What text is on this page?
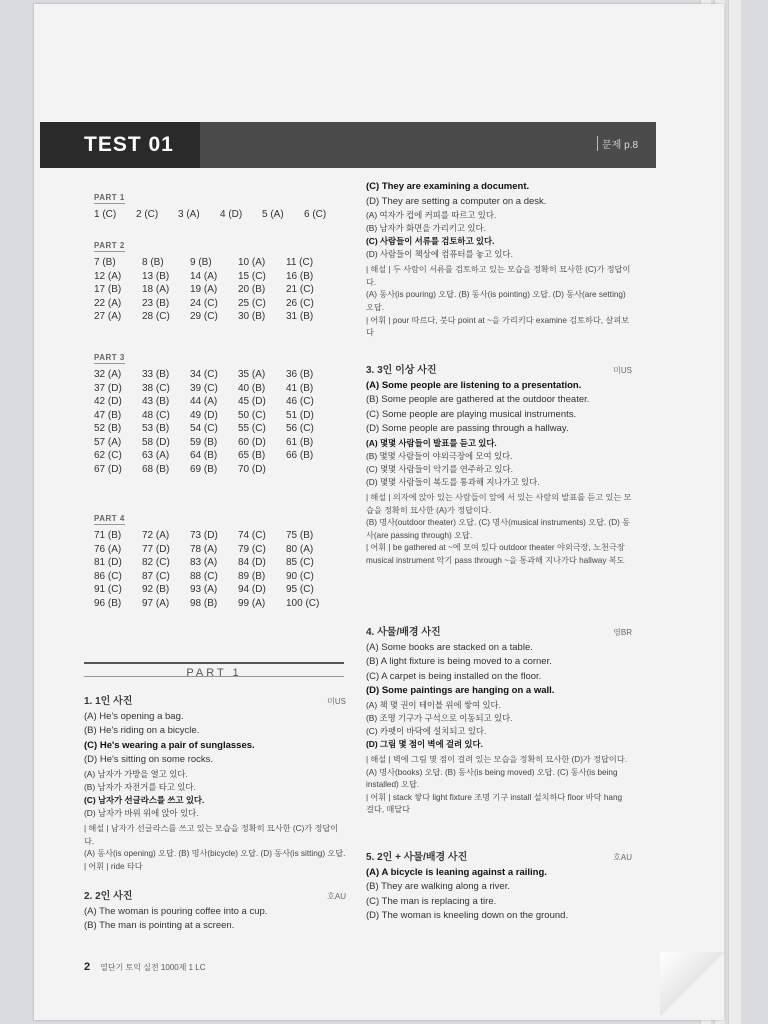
TEST 01	문제 p.8
PART 1
1 (C)	2 (C)	3 (A)	4 (D)	5 (A)	6 (C)
PART 2
7 (B)	8 (B)	9 (B)	10 (A)	11 (C)
12 (A)	13 (B)	14 (A)	15 (C)	16 (B)
17 (B)	18 (A)	19 (A)	20 (B)	21 (C)
22 (A)	23 (B)	24 (C)	25 (C)	26 (C)
27 (A)	28 (C)	29 (C)	30 (B)	31 (B)
PART 3
32 (A)	33 (B)	34 (C)	35 (A)	36 (B)
37 (D)	38 (C)	39 (C)	40 (B)	41 (B)
42 (D)	43 (B)	44 (A)	45 (D)	46 (C)
47 (B)	48 (C)	49 (D)	50 (C)	51 (D)
52 (B)	53 (B)	54 (C)	55 (C)	56 (C)
57 (A)	58 (D)	59 (B)	60 (D)	61 (B)
62 (C)	63 (A)	64 (B)	65 (B)	66 (B)
67 (D)	68 (B)	69 (B)	70 (D)
PART 4
71 (B)	72 (A)	73 (D)	74 (C)	75 (B)
76 (A)	77 (D)	78 (A)	79 (C)	80 (A)
81 (D)	82 (C)	83 (A)	84 (D)	85 (C)
86 (C)	87 (C)	88 (C)	89 (B)	90 (C)
91 (C)	92 (B)	93 (A)	94 (D)	95 (C)
96 (B)	97 (A)	98 (B)	99 (A)	100 (C)
PART 1
1. 1인 사진	미US
(A) He's opening a bag.
(B) He's riding on a bicycle.
(C) He's wearing a pair of sunglasses.
(D) He's sitting on some rocks.
(A) 남자가 가방을 열고 있다.
(B) 남자가 자전거를 타고 있다.
(C) 남자가 선글라스를 쓰고 있다.
(D) 남자가 바위 위에 앉아 있다.
| 해설 | 남자가 선글라스를 쓰고 있는 모습을 정확히 묘사한 (C)가 정답이다.
(A) 동사(is opening) 오답. (B) 명사(bicycle) 오답. (D) 동사(is sitting) 오답.
| 어휘 | ride 타다
2. 2인 사진	호AU
(A) The woman is pouring coffee into a cup.
(B) The man is pointing at a screen.
(C) They are examining a document.
(D) They are setting a computer on a desk.
(A) 여자가 컵에 커피를 따르고 있다.
(B) 남자가 화면을 가리키고 있다.
(C) 사람들이 서류를 검토하고 있다.
(D) 사람들이 책상에 컴퓨터를 놓고 있다.
| 해설 | 두 사람이 서류를 검토하고 있는 모습을 정확히 묘사한 (C)가 정답이다.
(A) 동사(is pouring) 오답. (B) 동사(is pointing) 오답. (D) 동사(are setting) 오답.
| 어휘 | pour 따르다, 붓다 point at ~을 가리키다 examine 검토하다, 살펴보다
3. 3인 이상 사진	미US
(A) Some people are listening to a presentation.
(B) Some people are gathered at the outdoor theater.
(C) Some people are playing musical instruments.
(D) Some people are passing through a hallway.
(A) 몇몇 사람들이 발표를 듣고 있다.
(B) 몇몇 사람들이 야외극장에 모여 있다.
(C) 몇몇 사람들이 악기를 연주하고 있다.
(D) 몇몇 사람들이 복도를 통과해 지나가고 있다.
| 해설 | 의자에 앉아 있는 사람들이 앞에 서 있는 사람의 발표를 듣고 있는 모습을 정확히 묘사한 (A)가 정답이다.
(B) 명사(outdoor theater) 오답. (C) 명사(musical instruments) 오답. (D) 동사(are passing through) 오답.
| 어휘 | be gathered at ~에 모여 있다 outdoor theater 야외극장, 노천극장 musical instrument 악기 pass through ~을 통과해 지나가다 hallway 복도
4. 사물/배경 사진	영BR
(A) Some books are stacked on a table.
(B) A light fixture is being moved to a corner.
(C) A carpet is being installed on the floor.
(D) Some paintings are hanging on a wall.
(A) 책 몇 권이 테이블 위에 쌓여 있다.
(B) 조명 기구가 구석으로 이동되고 있다.
(C) 카펫이 바닥에 설치되고 있다.
(D) 그림 몇 점이 벽에 걸려 있다.
| 해설 | 벽에 그림 몇 점이 걸려 있는 모습을 정확히 묘사한 (D)가 정답이다.
(A) 명사(books) 오답. (B) 동사(is being moved) 오답. (C) 동사(is being installed) 오답.
| 어휘 | stack 쌓다 light fixture 조명 기구 install 설치하다 floor 바닥 hang 걸다, 매달다
5. 2인 + 사물/배경 사진	호AU
(A) A bicycle is leaning against a railing.
(B) They are walking along a river.
(C) The man is replacing a tire.
(D) The woman is kneeling down on the ground.
2 열단기 토익 실전 1000제 1 LC
